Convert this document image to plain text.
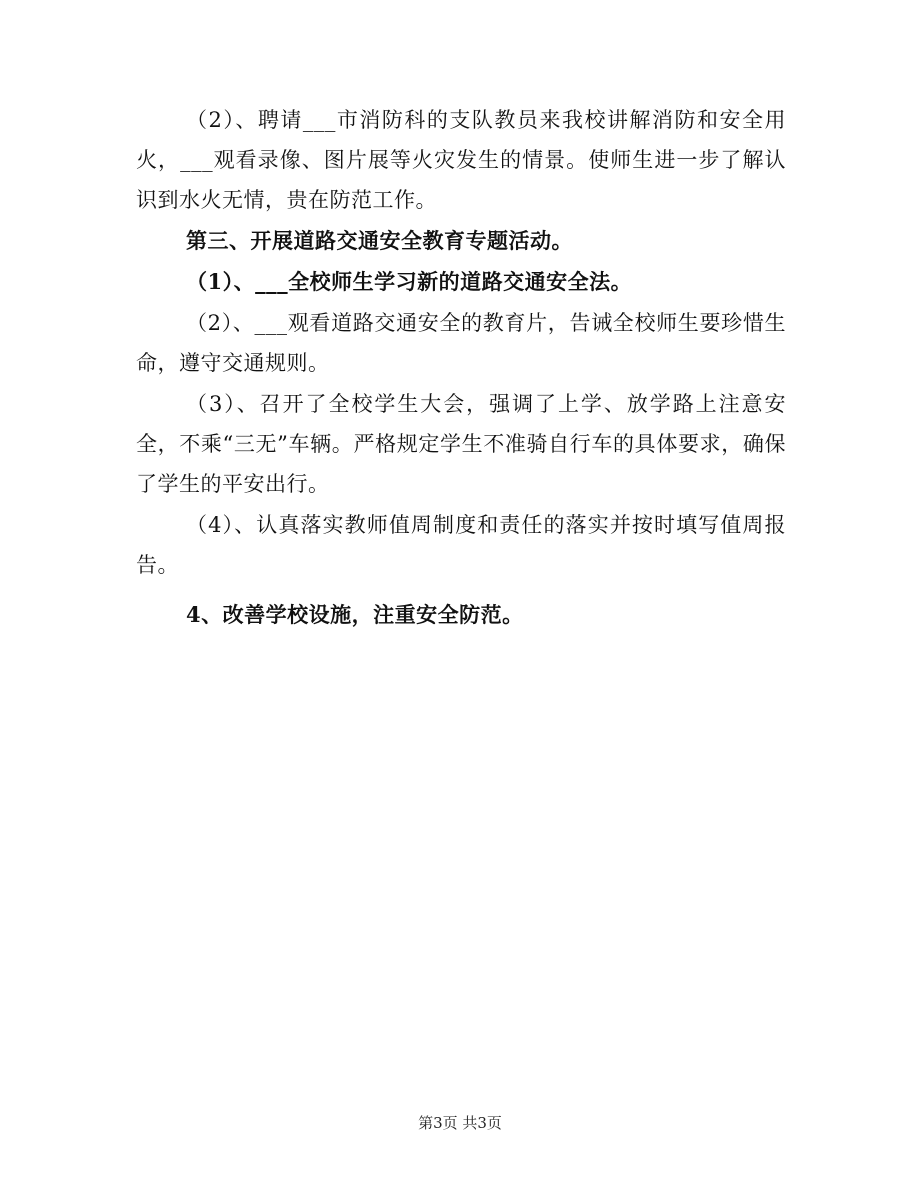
（2）、聘请___市消防科的支队教员来我校讲解消防和安全用火，___观看录像、图片展等火灾发生的情景。使师生进一步了解认识到水火无情，贵在防范工作。

第三、开展道路交通安全教育专题活动。

（1）、___全校师生学习新的道路交通安全法。

（2）、___观看道路交通安全的教育片，告诫全校师生要珍惜生命，遵守交通规则。

（3）、召开了全校学生大会，强调了上学、放学路上注意安全，不乘“三无”车辆。严格规定学生不准骑自行车的具体要求，确保了学生的平安出行。

（4）、认真落实教师值周制度和责任的落实并按时填写值周报告。

4、改善学校设施，注重安全防范。

第3页 共3页
